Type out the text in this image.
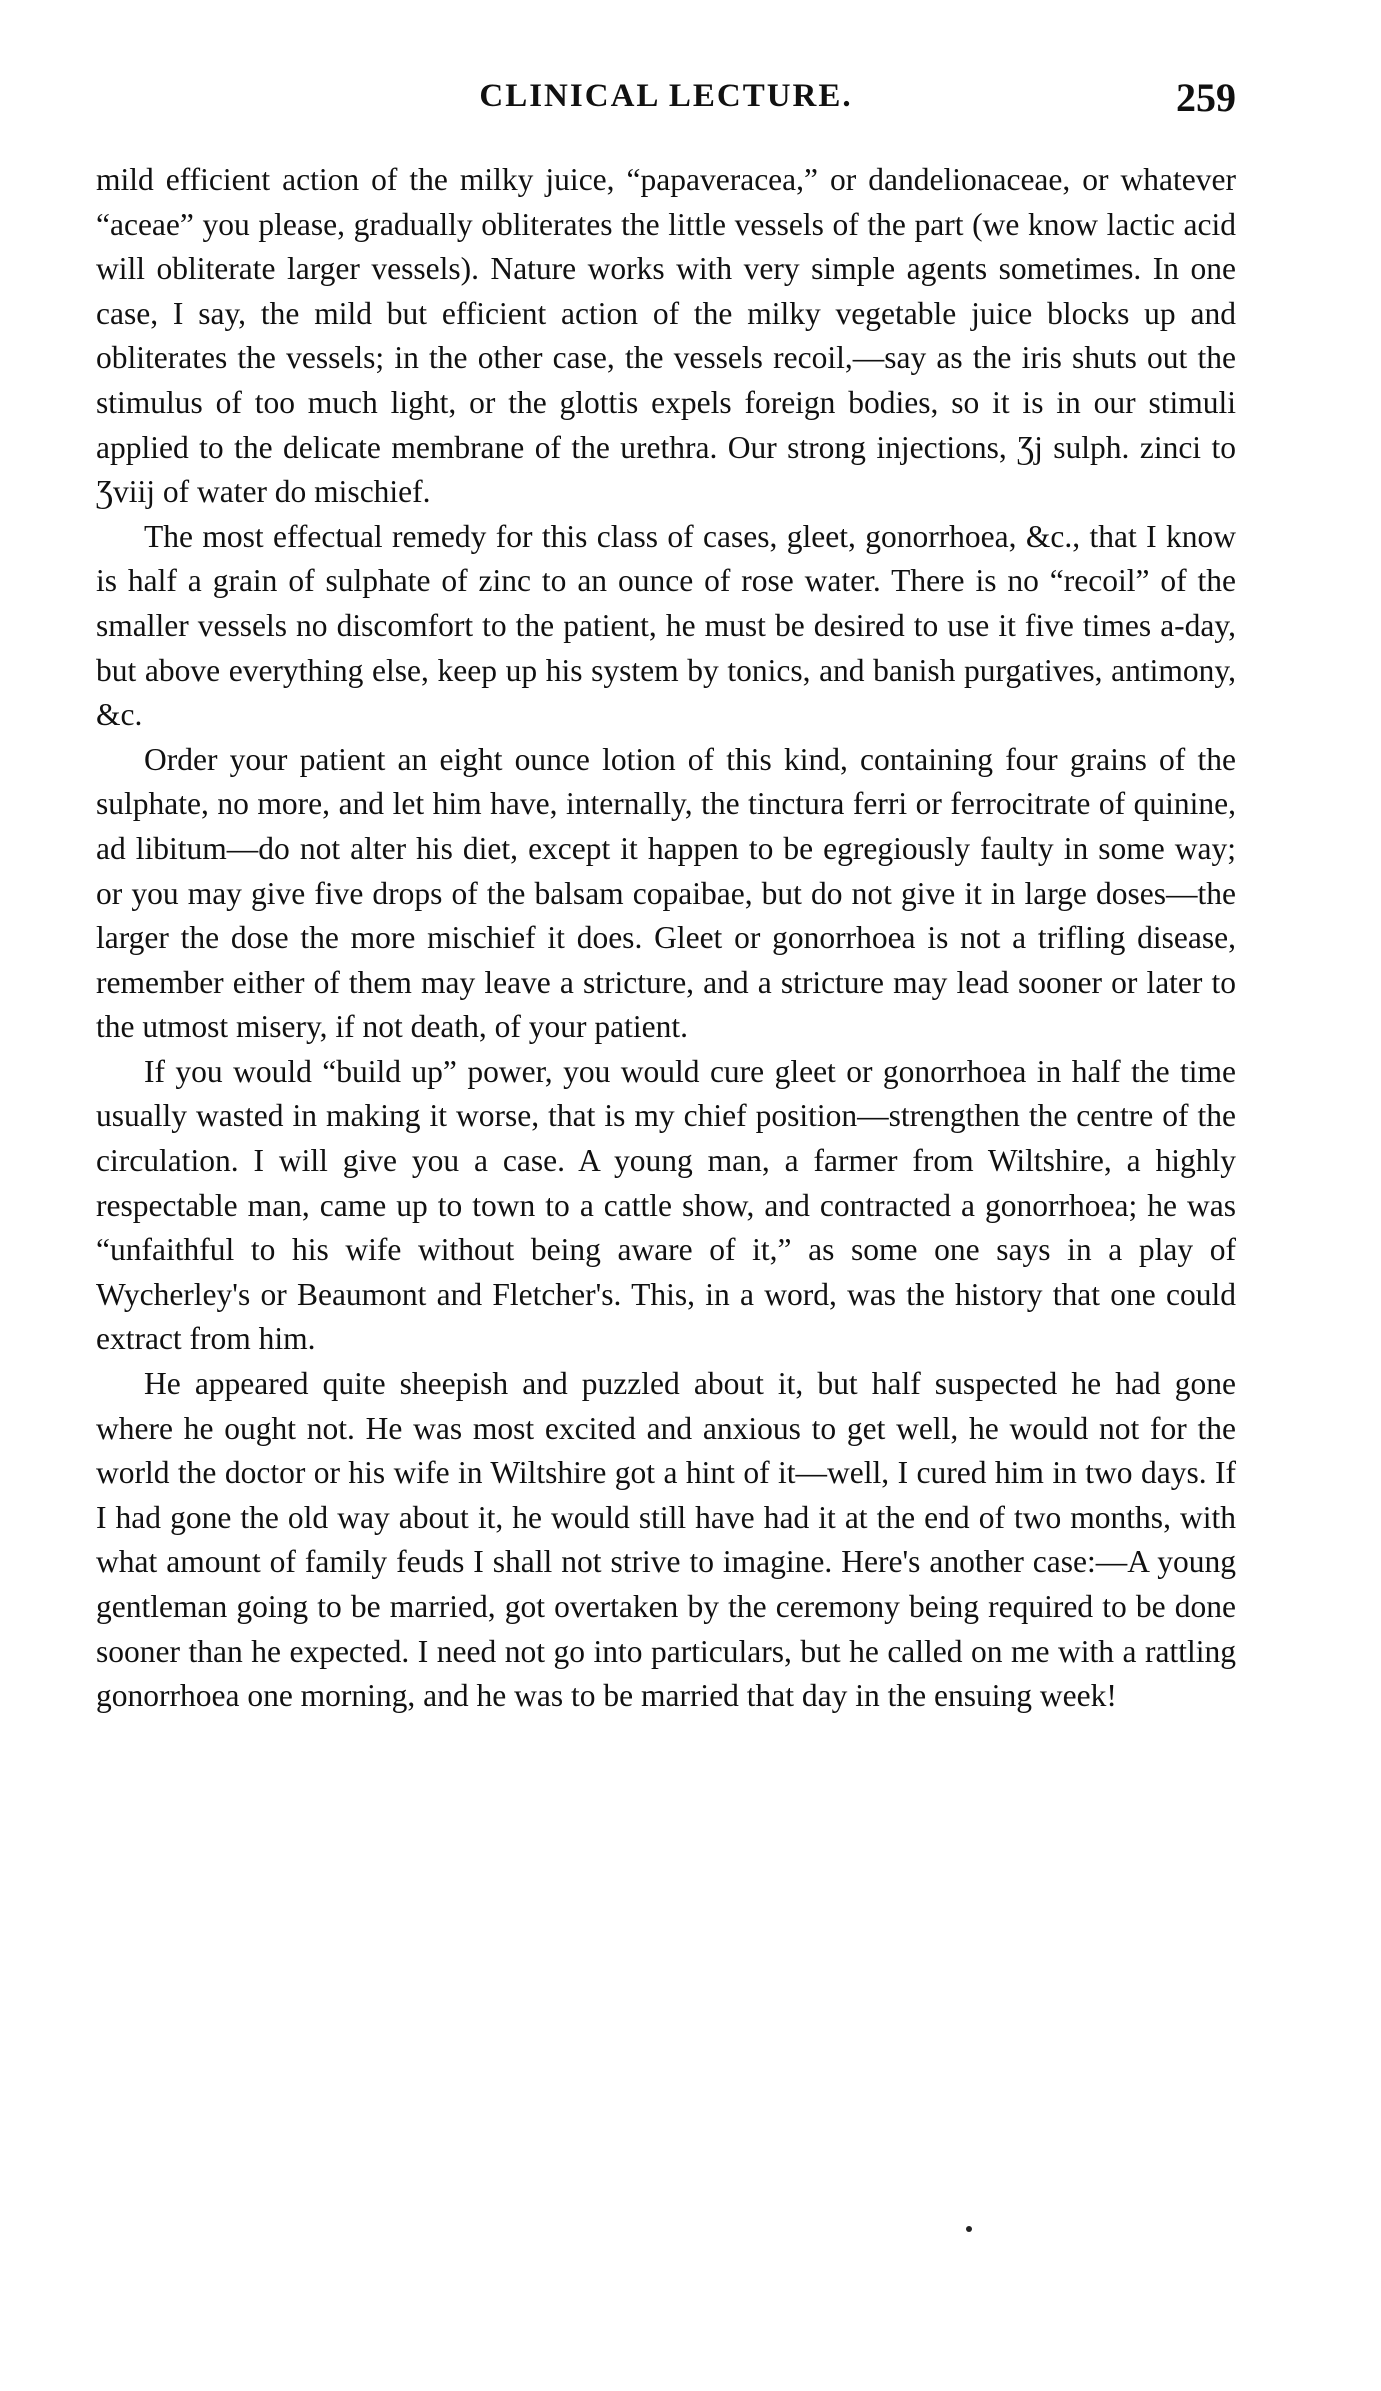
CLINICAL LECTURE.	259

mild efficient action of the milky juice, “papaveracea,” or dandelionaceae, or whatever “aceae” you please, gradually obliterates the little vessels of the part (we know lactic acid will obliterate larger vessels). Nature works with very simple agents sometimes. In one case, I say, the mild but efficient action of the milky vegetable juice blocks up and obliterates the vessels; in the other case, the vessels recoil,—say as the iris shuts out the stimulus of too much light, or the glottis expels foreign bodies, so it is in our stimuli applied to the delicate membrane of the urethra. Our strong injections, Ʒj sulph. zinci to Ʒviij of water do mischief.

The most effectual remedy for this class of cases, gleet, gonorrhoea, &c., that I know is half a grain of sulphate of zinc to an ounce of rose water. There is no “recoil” of the smaller vessels no discomfort to the patient, he must be desired to use it five times a-day, but above everything else, keep up his system by tonics, and banish purgatives, antimony, &c.

Order your patient an eight ounce lotion of this kind, containing four grains of the sulphate, no more, and let him have, internally, the tinctura ferri or ferrocitrate of quinine, ad libitum—do not alter his diet, except it happen to be egregiously faulty in some way; or you may give five drops of the balsam copaibae, but do not give it in large doses—the larger the dose the more mischief it does. Gleet or gonorrhoea is not a trifling disease, remember either of them may leave a stricture, and a stricture may lead sooner or later to the utmost misery, if not death, of your patient.

If you would “build up” power, you would cure gleet or gonorrhoea in half the time usually wasted in making it worse, that is my chief position—strengthen the centre of the circulation. I will give you a case. A young man, a farmer from Wiltshire, a highly respectable man, came up to town to a cattle show, and contracted a gonorrhoea; he was “unfaithful to his wife without being aware of it,” as some one says in a play of Wycherley's or Beaumont and Fletcher's. This, in a word, was the history that one could extract from him.

He appeared quite sheepish and puzzled about it, but half suspected he had gone where he ought not. He was most excited and anxious to get well, he would not for the world the doctor or his wife in Wiltshire got a hint of it—well, I cured him in two days. If I had gone the old way about it, he would still have had it at the end of two months, with what amount of family feuds I shall not strive to imagine. Here's another case:—A young gentleman going to be married, got overtaken by the ceremony being required to be done sooner than he expected. I need not go into particulars, but he called on me with a rattling gonorrhoea one morning, and he was to be married that day in the ensuing week!
